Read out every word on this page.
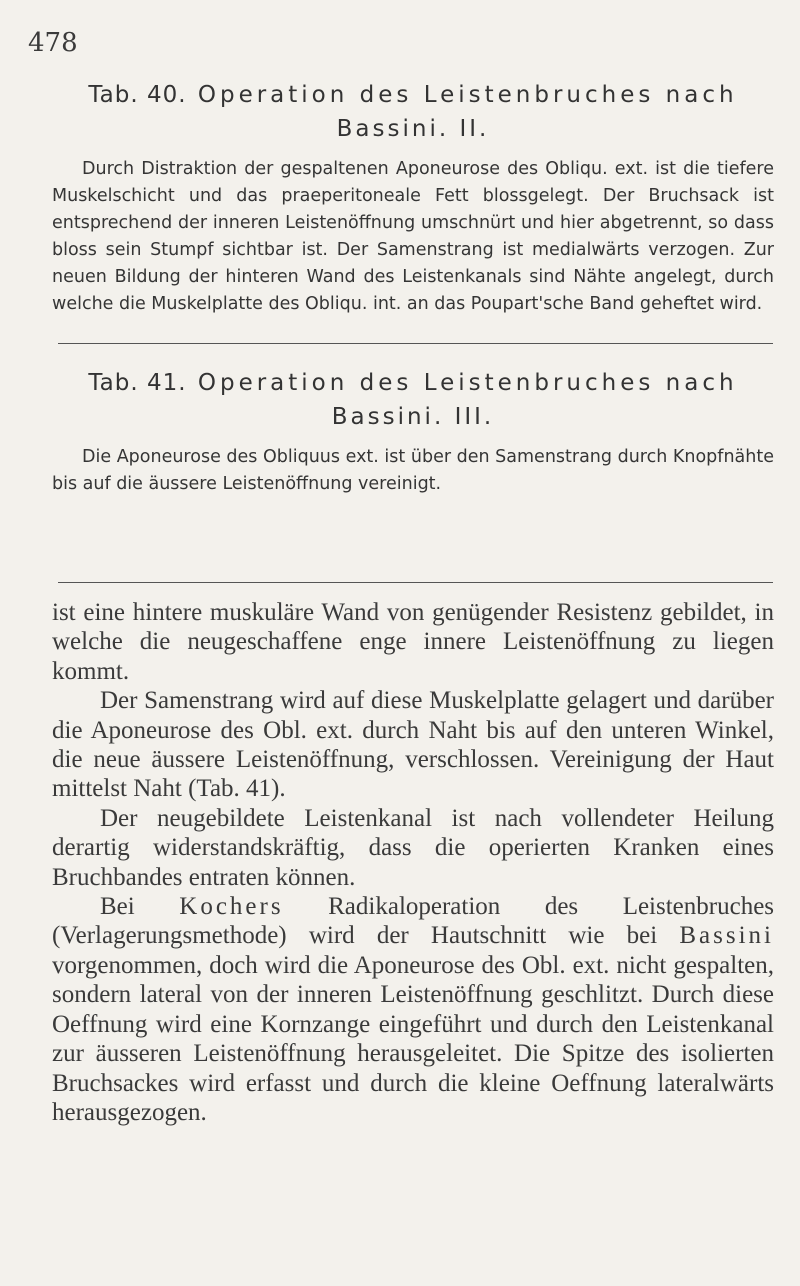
478
Tab. 40. Operation des Leistenbruches nach
Bassini. II.

Durch Distraktion der gespaltenen Aponeurose des Obliqu. ext. ist die tiefere Muskelschicht und das praeperitoneale Fett blossgelegt. Der Bruchsack ist entsprechend der inneren Leistenöffnung umschnürt und hier abgetrennt, so dass bloss sein Stumpf sichtbar ist. Der Samenstrang ist medialwärts verzogen. Zur neuen Bildung der hinteren Wand des Leistenkanals sind Nähte angelegt, durch welche die Muskelplatte des Obliqu. int. an das Poupart'sche Band geheftet wird.

Tab. 41. Operation des Leistenbruches nach
Bassini. III.

Die Aponeurose des Obliquus ext. ist über den Samenstrang durch Knopfnähte bis auf die äussere Leistenöffnung vereinigt.

ist eine hintere muskuläre Wand von genügender Resistenz gebildet, in welche die neugeschaffene enge innere Leistenöffnung zu liegen kommt.

Der Samenstrang wird auf diese Muskelplatte gelagert und darüber die Aponeurose des Obl. ext. durch Naht bis auf den unteren Winkel, die neue äussere Leistenöffnung, verschlossen. Vereinigung der Haut mittelst Naht (Tab. 41).

Der neugebildete Leistenkanal ist nach vollendeter Heilung derartig widerstandskräftig, dass die operierten Kranken eines Bruchbandes entraten können.

Bei Kochers Radikaloperation des Leistenbruches (Verlagerungsmethode) wird der Hautschnitt wie bei Bassini vorgenommen, doch wird die Aponeurose des Obl. ext. nicht gespalten, sondern lateral von der inneren Leistenöffnung geschlitzt. Durch diese Oeffnung wird eine Kornzange eingeführt und durch den Leistenkanal zur äusseren Leistenöffnung herausgeleitet. Die Spitze des isolierten Bruchsackes wird erfasst und durch die kleine Oeffnung lateralwärts herausgezogen.
